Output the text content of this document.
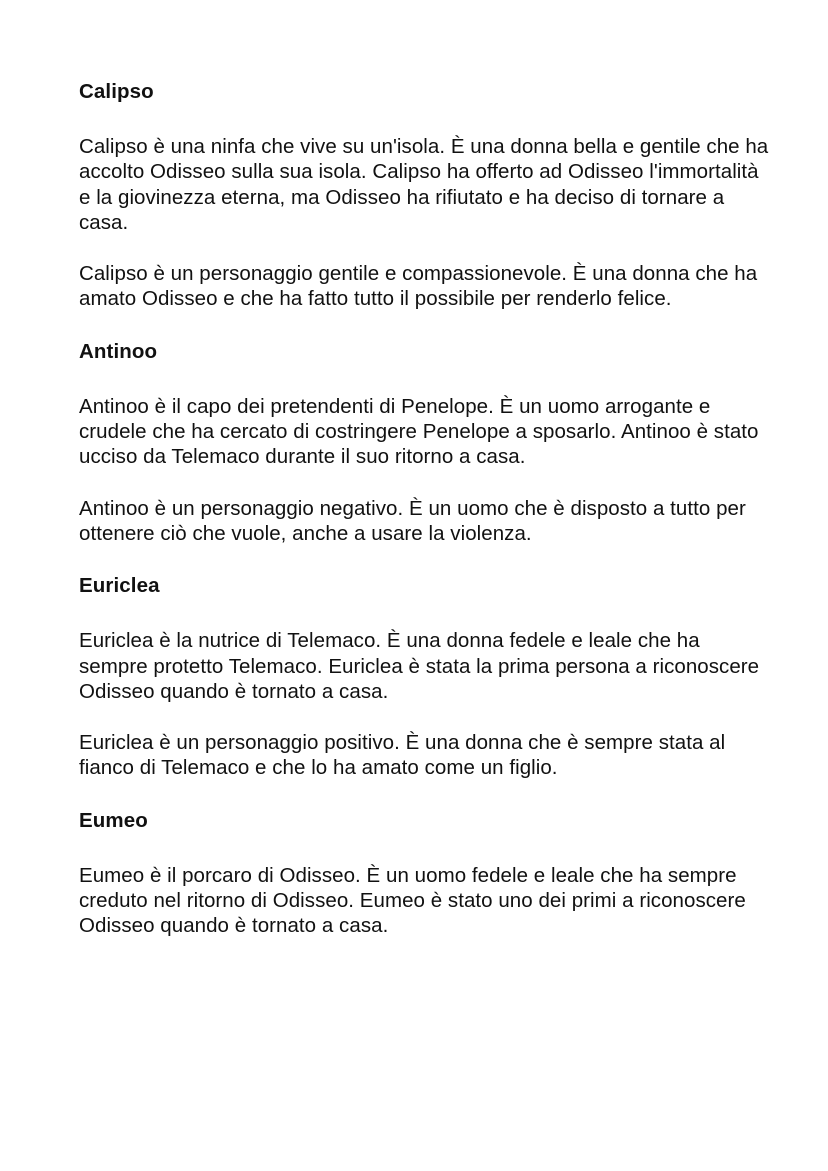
Calipso

Calipso è una ninfa che vive su un'isola. È una donna bella e gentile che ha accolto Odisseo sulla sua isola. Calipso ha offerto ad Odisseo l'immortalità e la giovinezza eterna, ma Odisseo ha rifiutato e ha deciso di tornare a casa.

Calipso è un personaggio gentile e compassionevole. È una donna che ha amato Odisseo e che ha fatto tutto il possibile per renderlo felice.

Antinoo

Antinoo è il capo dei pretendenti di Penelope. È un uomo arrogante e crudele che ha cercato di costringere Penelope a sposarlo. Antinoo è stato ucciso da Telemaco durante il suo ritorno a casa.

Antinoo è un personaggio negativo. È un uomo che è disposto a tutto per ottenere ciò che vuole, anche a usare la violenza.

Euriclea

Euriclea è la nutrice di Telemaco. È una donna fedele e leale che ha sempre protetto Telemaco. Euriclea è stata la prima persona a riconoscere Odisseo quando è tornato a casa.

Euriclea è un personaggio positivo. È una donna che è sempre stata al fianco di Telemaco e che lo ha amato come un figlio.

Eumeo

Eumeo è il porcaro di Odisseo. È un uomo fedele e leale che ha sempre creduto nel ritorno di Odisseo. Eumeo è stato uno dei primi a riconoscere Odisseo quando è tornato a casa.
